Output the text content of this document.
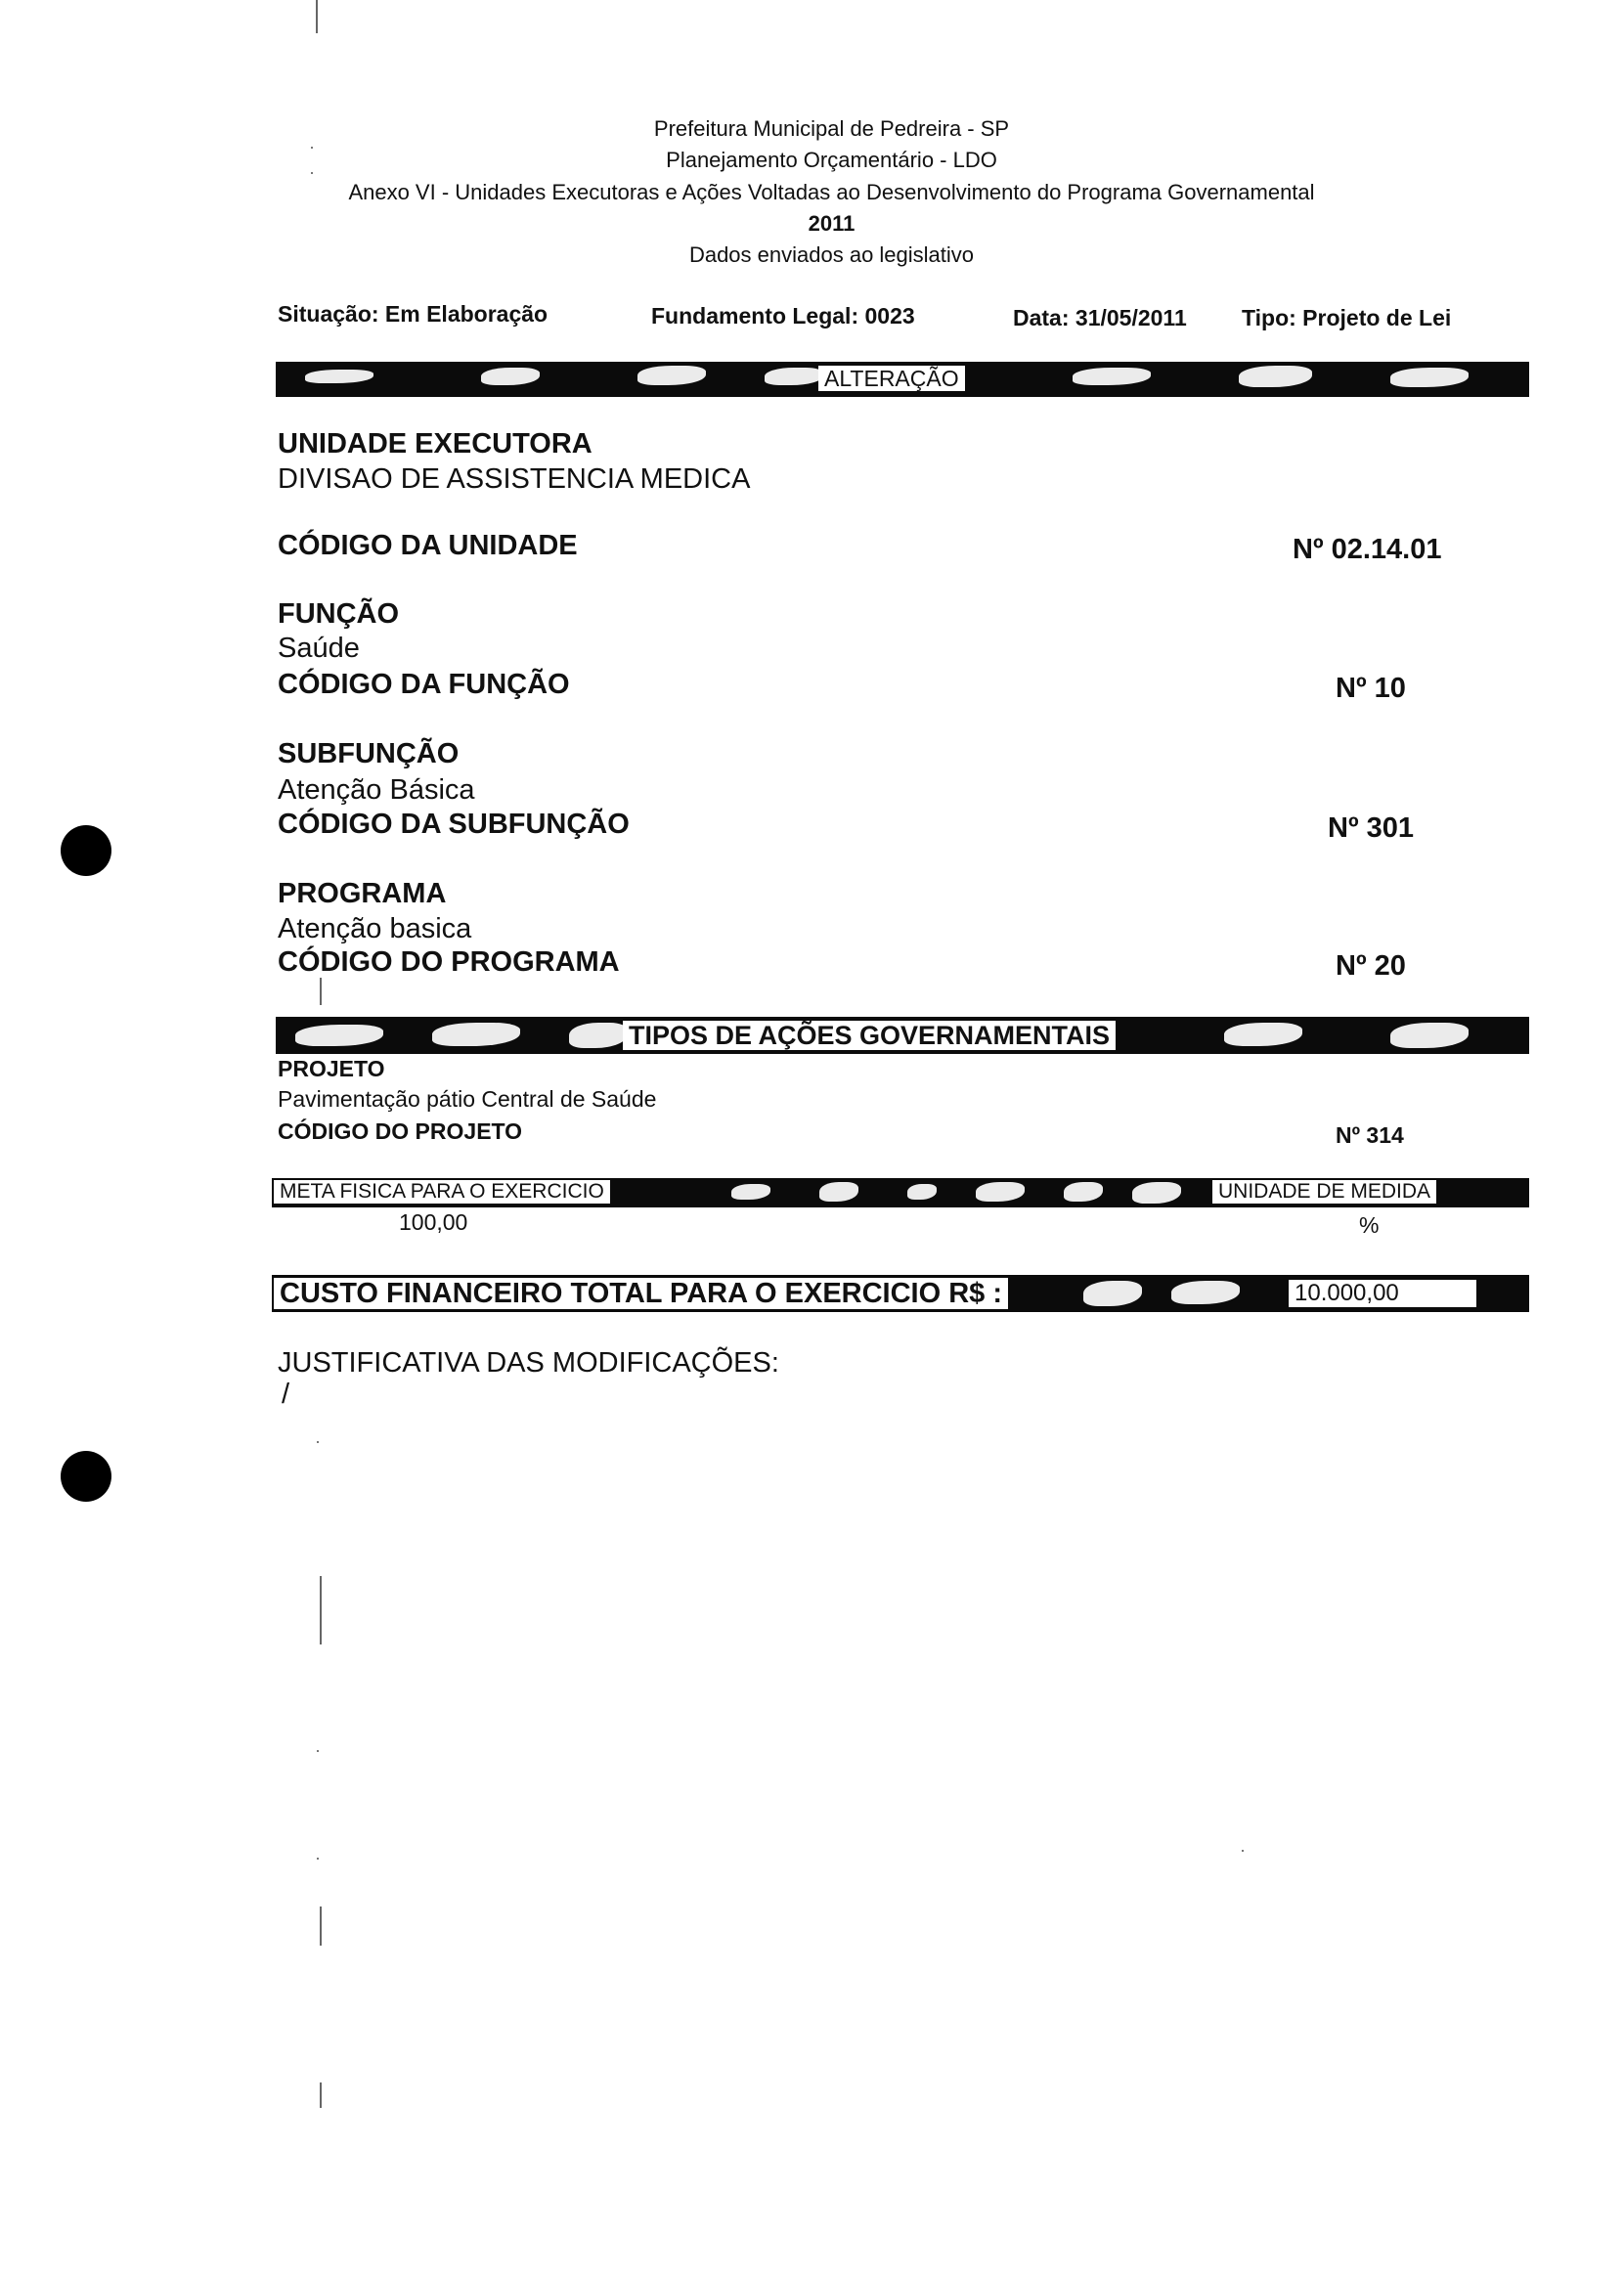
Prefeitura Municipal de Pedreira - SP
Planejamento Orçamentário - LDO
Anexo VI - Unidades Executoras e Ações Voltadas ao Desenvolvimento do Programa Governamental
2011
Dados enviados ao legislativo
Situação: Em Elaboração	Fundamento Legal: 0023	Data: 31/05/2011 Tipo: Projeto de Lei
ALTERAÇÃO
UNIDADE EXECUTORA
DIVISAO DE ASSISTENCIA MEDICA
CÓDIGO DA UNIDADE	Nº 02.14.01
FUNÇÃO
Saúde
CÓDIGO DA FUNÇÃO	Nº 10
SUBFUNÇÃO
Atenção Básica
CÓDIGO DA SUBFUNÇÃO	Nº 301
PROGRAMA
Atenção basica
CÓDIGO DO PROGRAMA	Nº 20
TIPOS DE AÇÕES GOVERNAMENTAIS
PROJETO
Pavimentação pátio Central de Saúde
CÓDIGO DO PROJETO	Nº 314
META FISICA PARA O EXERCICIO	UNIDADE DE MEDIDA
100,00	%
CUSTO FINANCEIRO TOTAL PARA O EXERCICIO R$ :	10.000,00
JUSTIFICATIVA DAS MODIFICAÇÕES:
/
